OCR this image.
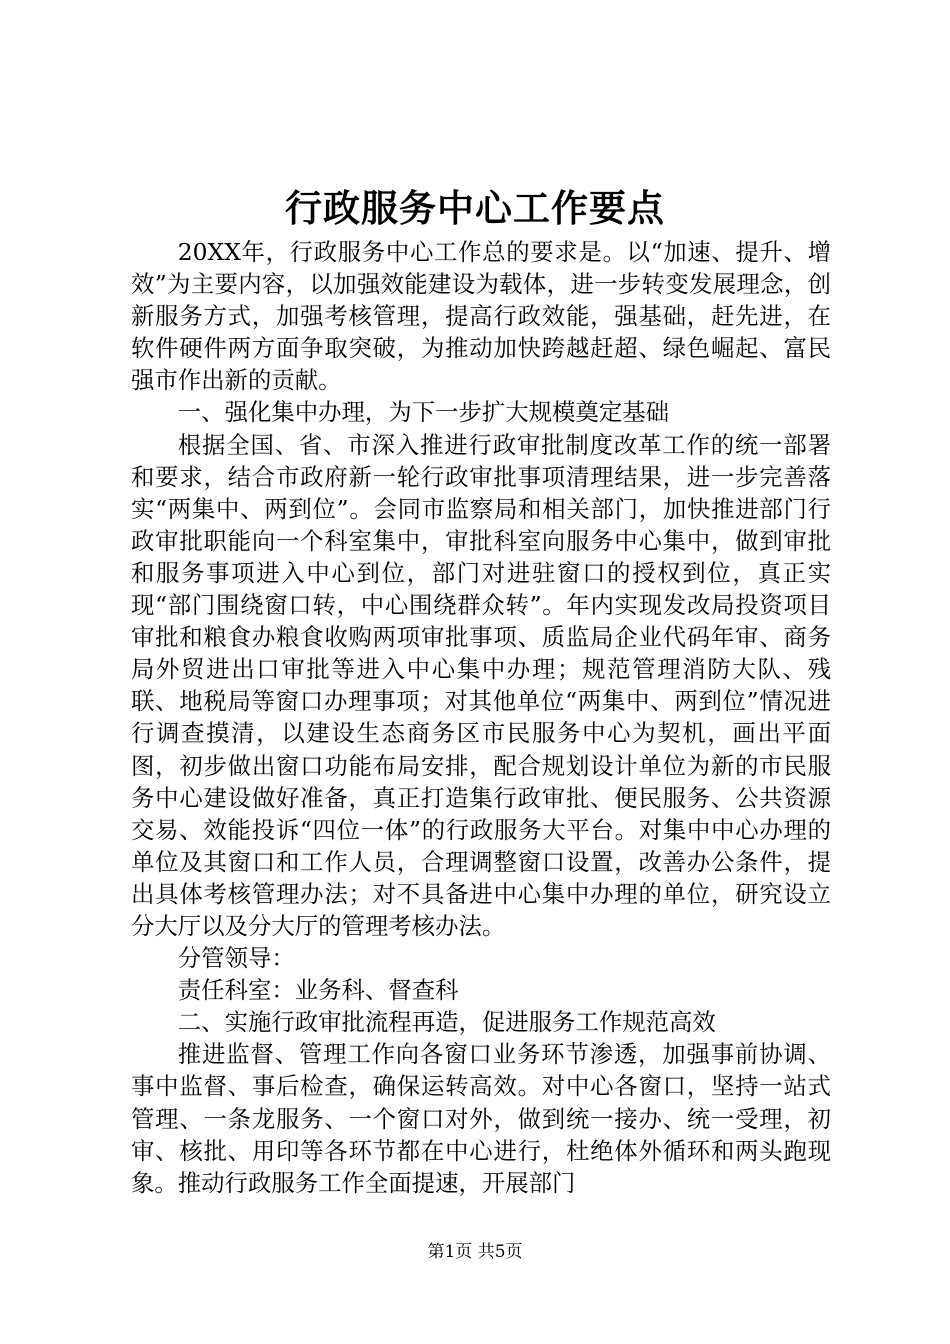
行政服务中心工作要点

20XX年，行政服务中心工作总的要求是。以“加速、提升、增效”为主要内容，以加强效能建设为载体，进一步转变发展理念，创新服务方式，加强考核管理，提高行政效能，强基础，赶先进，在软件硬件两方面争取突破，为推动加快跨越赶超、绿色崛起、富民强市作出新的贡献。

一、强化集中办理，为下一步扩大规模奠定基础

根据全国、省、市深入推进行政审批制度改革工作的统一部署和要求，结合市政府新一轮行政审批事项清理结果，进一步完善落实“两集中、两到位”。会同市监察局和相关部门，加快推进部门行政审批职能向一个科室集中，审批科室向服务中心集中，做到审批和服务事项进入中心到位，部门对进驻窗口的授权到位，真正实现“部门围绕窗口转，中心围绕群众转”。年内实现发改局投资项目审批和粮食办粮食收购两项审批事项、质监局企业代码年审、商务局外贸进出口审批等进入中心集中办理；规范管理消防大队、残联、地税局等窗口办理事项；对其他单位“两集中、两到位”情况进行调查摸清，以建设生态商务区市民服务中心为契机，画出平面图，初步做出窗口功能布局安排，配合规划设计单位为新的市民服务中心建设做好准备，真正打造集行政审批、便民服务、公共资源交易、效能投诉“四位一体”的行政服务大平台。对集中中心办理的单位及其窗口和工作人员，合理调整窗口设置，改善办公条件，提出具体考核管理办法；对不具备进中心集中办理的单位，研究设立分大厅以及分大厅的管理考核办法。

分管领导：

责任科室：业务科、督查科

二、实施行政审批流程再造，促进服务工作规范高效

推进监督、管理工作向各窗口业务环节渗透，加强事前协调、事中监督、事后检查，确保运转高效。对中心各窗口，坚持一站式管理、一条龙服务、一个窗口对外，做到统一接办、统一受理，初审、核批、用印等各环节都在中心进行，杜绝体外循环和两头跑现象。推动行政服务工作全面提速，开展部门

第1页 共5页
